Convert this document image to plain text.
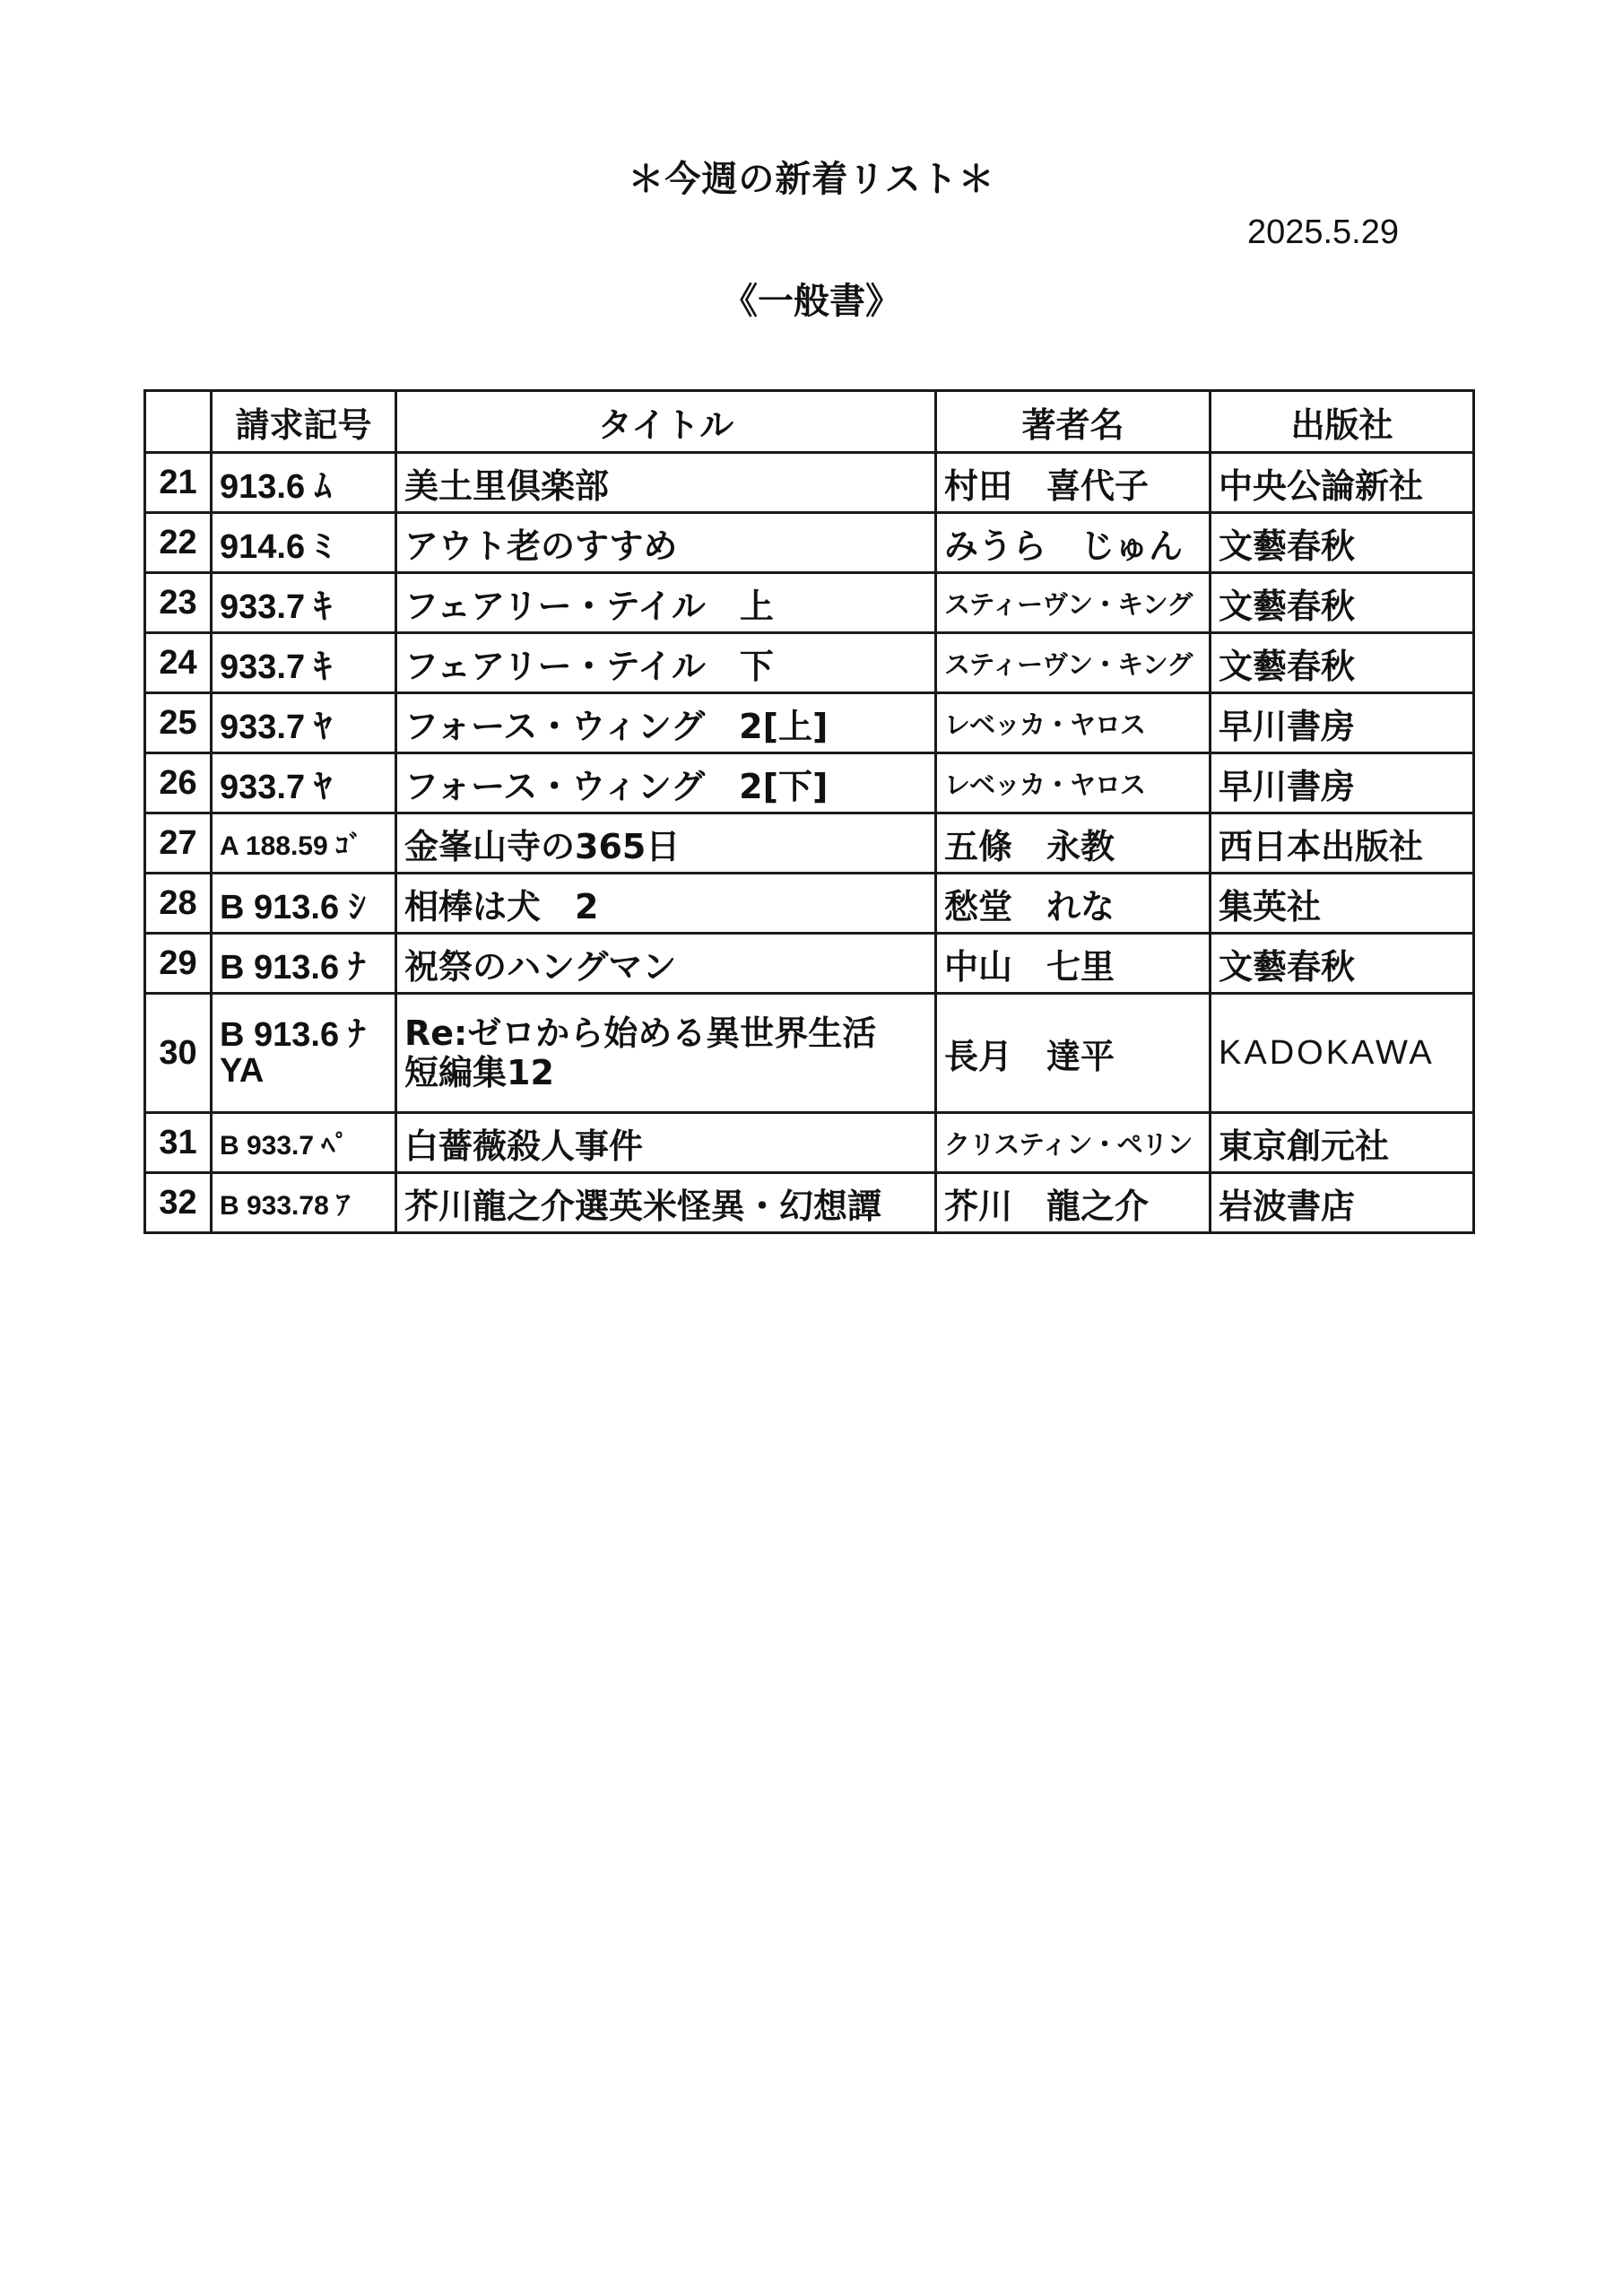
＊今週の新着リスト＊
2025.5.29
《一般書》
	請求記号	タイトル	著者名	出版社
21	913.6 ﾑ	美土里倶楽部	村田　喜代子	中央公論新社
22	914.6 ﾐ	アウト老のすすめ	みうら　じゅん	文藝春秋
23	933.7 ｷ	フェアリー・テイル　上	スティーヴン・キング	文藝春秋
24	933.7 ｷ	フェアリー・テイル　下	スティーヴン・キング	文藝春秋
25	933.7 ﾔ	フォース・ウィング　2[上]	レベッカ・ヤロス	早川書房
26	933.7 ﾔ	フォース・ウィング　2[下]	レベッカ・ヤロス	早川書房
27	A 188.59 ｺﾞ	金峯山寺の365日	五條　永教	西日本出版社
28	B 913.6 ｼ	相棒は犬　2	愁堂　れな	集英社
29	B 913.6 ﾅ	祝祭のハングマン	中山　七里	文藝春秋
30	B 913.6 ﾅ YA	Re:ゼロから始める異世界生活　短編集12	長月　達平	KADOKAWA
31	B 933.7 ﾍﾟ	白薔薇殺人事件	クリスティン・ペリン	東京創元社
32	B 933.78 ｱ	芥川龍之介選英米怪異・幻想譚	芥川　龍之介	岩波書店
